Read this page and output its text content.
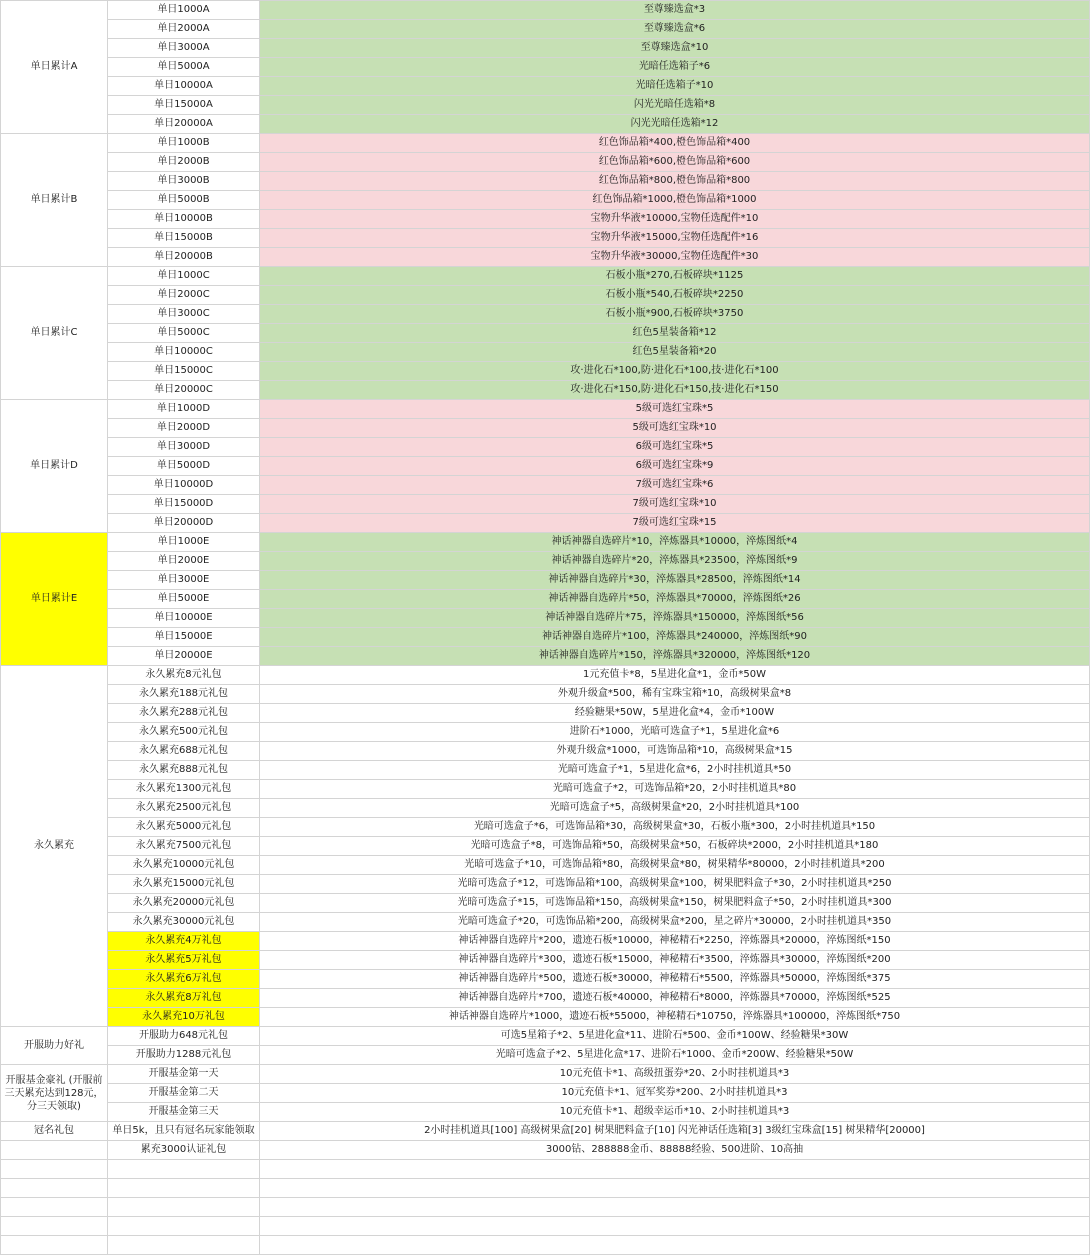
单日累计A	单日1000A	至尊臻选盒*3
	单日2000A	至尊臻选盒*6
	单日3000A	至尊臻选盒*10
	单日5000A	光暗任选箱子*6
	单日10000A	光暗任选箱子*10
	单日15000A	闪光光暗任选箱*8
	单日20000A	闪光光暗任选箱*12
单日累计B	单日1000B	红色饰品箱*400,橙色饰品箱*400
	单日2000B	红色饰品箱*600,橙色饰品箱*600
	单日3000B	红色饰品箱*800,橙色饰品箱*800
	单日5000B	红色饰品箱*1000,橙色饰品箱*1000
	单日10000B	宝物升华液*10000,宝物任选配件*10
	单日15000B	宝物升华液*15000,宝物任选配件*16
	单日20000B	宝物升华液*30000,宝物任选配件*30
单日累计C	单日1000C	石板小瓶*270,石板碎块*1125
	单日2000C	石板小瓶*540,石板碎块*2250
	单日3000C	石板小瓶*900,石板碎块*3750
	单日5000C	红色5星装备箱*12
	单日10000C	红色5星装备箱*20
	单日15000C	攻·进化石*100,防·进化石*100,技·进化石*100
	单日20000C	攻·进化石*150,防·进化石*150,技·进化石*150
单日累计D	单日1000D	5级可选红宝珠*5
	单日2000D	5级可选红宝珠*10
	单日3000D	6级可选红宝珠*5
	单日5000D	6级可选红宝珠*9
	单日10000D	7级可选红宝珠*6
	单日15000D	7级可选红宝珠*10
	单日20000D	7级可选红宝珠*15
单日累计E	单日1000E	神话神器自选碎片*10，淬炼器具*10000，淬炼图纸*4
	单日2000E	神话神器自选碎片*20，淬炼器具*23500，淬炼图纸*9
	单日3000E	神话神器自选碎片*30，淬炼器具*28500，淬炼图纸*14
	单日5000E	神话神器自选碎片*50，淬炼器具*70000，淬炼图纸*26
	单日10000E	神话神器自选碎片*75，淬炼器具*150000，淬炼图纸*56
	单日15000E	神话神器自选碎片*100，淬炼器具*240000，淬炼图纸*90
	单日20000E	神话神器自选碎片*150，淬炼器具*320000，淬炼图纸*120
永久累充	永久累充8元礼包	1元充值卡*8，5星进化盒*1，金币*50W
	永久累充188元礼包	外观升级盒*500，稀有宝珠宝箱*10，高级树果盒*8
	永久累充288元礼包	经验糖果*50W，5星进化盒*4，金币*100W
	永久累充500元礼包	进阶石*1000，光暗可选盒子*1，5星进化盒*6
	永久累充688元礼包	外观升级盒*1000，可选饰品箱*10，高级树果盒*15
	永久累充888元礼包	光暗可选盒子*1，5星进化盒*6，2小时挂机道具*50
	永久累充1300元礼包	光暗可选盒子*2，可选饰品箱*20，2小时挂机道具*80
	永久累充2500元礼包	光暗可选盒子*5，高级树果盒*20，2小时挂机道具*100
	永久累充5000元礼包	光暗可选盒子*6，可选饰品箱*30，高级树果盒*30，石板小瓶*300，2小时挂机道具*150
	永久累充7500元礼包	光暗可选盒子*8，可选饰品箱*50，高级树果盒*50，石板碎块*2000，2小时挂机道具*180
	永久累充10000元礼包	光暗可选盒子*10，可选饰品箱*80，高级树果盒*80，树果精华*80000，2小时挂机道具*200
	永久累充15000元礼包	光暗可选盒子*12，可选饰品箱*100，高级树果盒*100，树果肥料盒子*30，2小时挂机道具*250
	永久累充20000元礼包	光暗可选盒子*15，可选饰品箱*150，高级树果盒*150，树果肥料盒子*50，2小时挂机道具*300
	永久累充30000元礼包	光暗可选盒子*20，可选饰品箱*200，高级树果盒*200，星之碎片*30000，2小时挂机道具*350
	永久累充4万礼包	神话神器自选碎片*200，遗迹石板*10000，神秘精石*2250，淬炼器具*20000，淬炼图纸*150
	永久累充5万礼包	神话神器自选碎片*300，遗迹石板*15000，神秘精石*3500，淬炼器具*30000，淬炼图纸*200
	永久累充6万礼包	神话神器自选碎片*500，遗迹石板*30000，神秘精石*5500，淬炼器具*50000，淬炼图纸*375
	永久累充8万礼包	神话神器自选碎片*700，遗迹石板*40000，神秘精石*8000，淬炼器具*70000，淬炼图纸*525
	永久累充10万礼包	神话神器自选碎片*1000，遗迹石板*55000，神秘精石*10750，淬炼器具*100000，淬炼图纸*750
开服助力好礼	开服助力648元礼包	可选5星箱子*2、5星进化盒*11、进阶石*500、金币*100W、经验糖果*30W
	开服助力1288元礼包	光暗可选盒子*2、5星进化盒*17、进阶石*1000、金币*200W、经验糖果*50W
开服基金豪礼 (开服前三天累充达到128元，分三天领取)	开服基金第一天	10元充值卡*1、高级扭蛋券*20、2小时挂机道具*3
	开服基金第二天	10元充值卡*1、冠军奖券*200、2小时挂机道具*3
	开服基金第三天	10元充值卡*1、超级幸运币*10、2小时挂机道具*3
冠名礼包	单日5k，且只有冠名玩家能领取	2小时挂机道具[100] 高级树果盒[20] 树果肥料盒子[10] 闪光神话任选箱[3] 3级红宝珠盒[15] 树果精华[20000]
	累充3000认证礼包	3000钻、288888金币、88888经验、500进阶、10高抽
